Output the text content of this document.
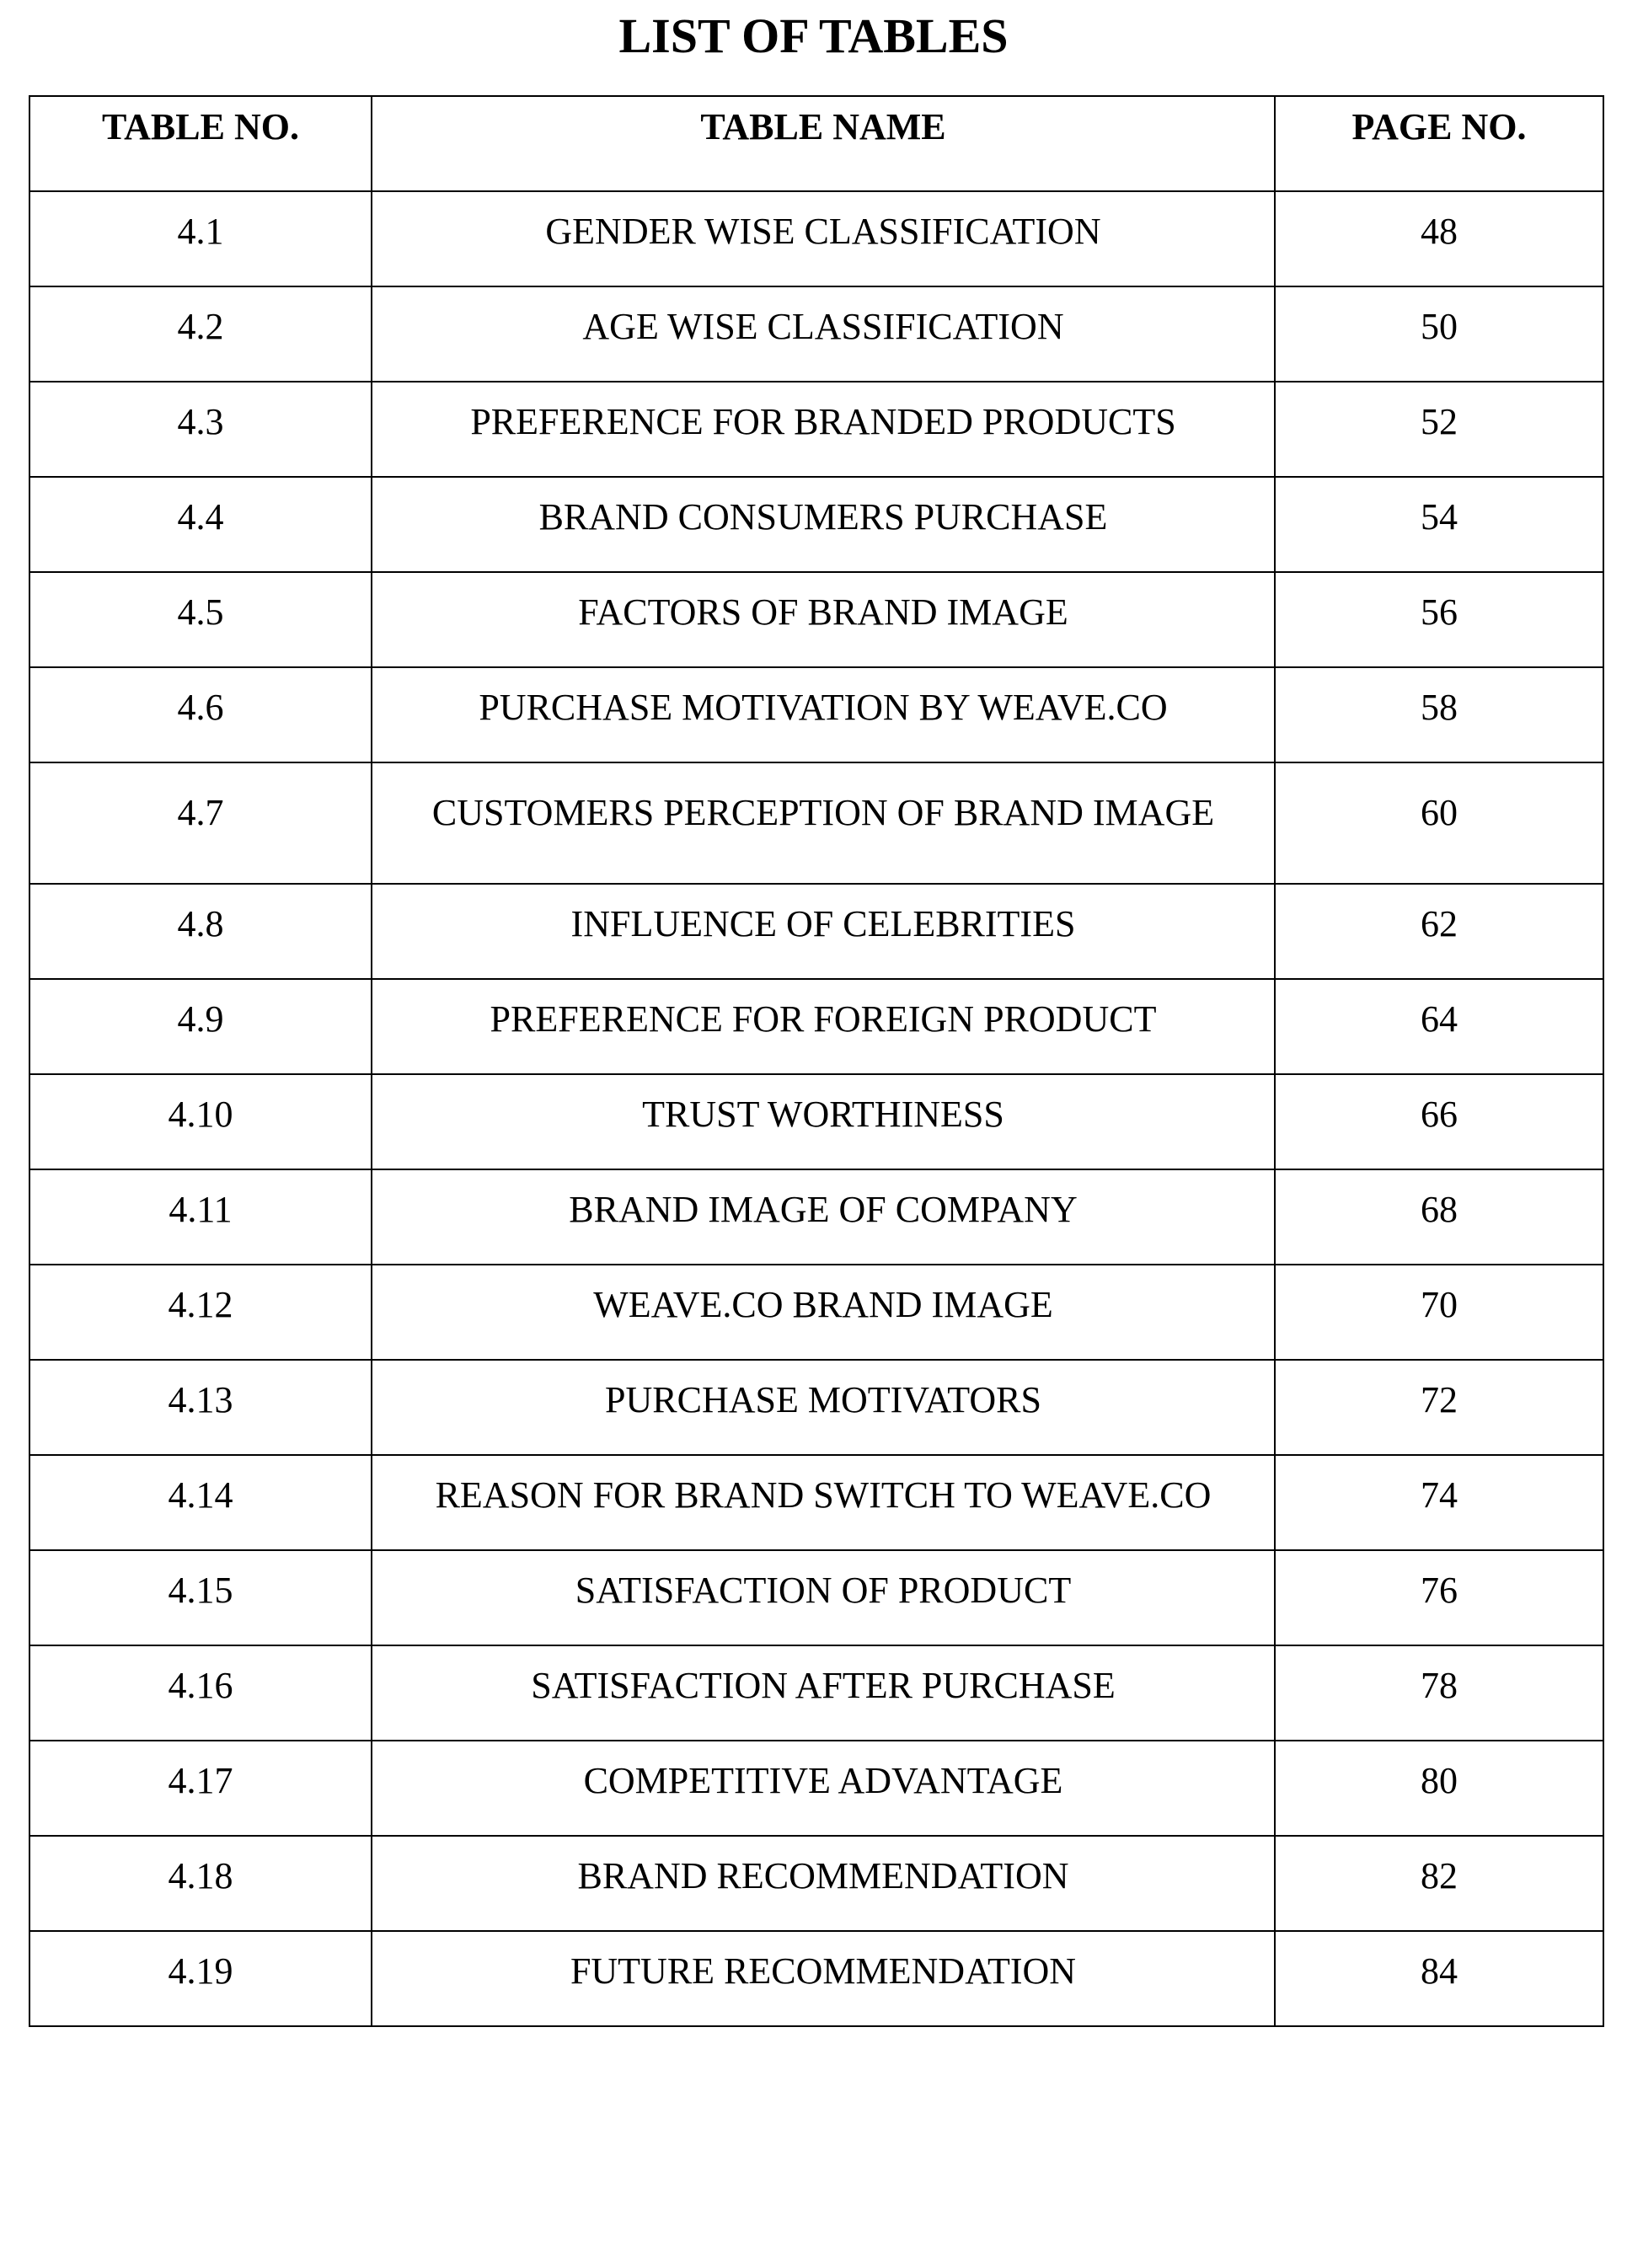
LIST OF TABLES
TABLE NO.	TABLE NAME	PAGE NO.
4.1	GENDER WISE CLASSIFICATION	48
4.2	AGE WISE CLASSIFICATION	50
4.3	PREFERENCE FOR BRANDED PRODUCTS	52
4.4	BRAND CONSUMERS PURCHASE	54
4.5	FACTORS OF BRAND IMAGE	56
4.6	PURCHASE MOTIVATION BY WEAVE.CO	58
4.7	CUSTOMERS PERCEPTION OF BRAND IMAGE	60
4.8	INFLUENCE OF CELEBRITIES	62
4.9	PREFERENCE FOR FOREIGN PRODUCT	64
4.10	TRUST WORTHINESS	66
4.11	BRAND IMAGE OF COMPANY	68
4.12	WEAVE.CO BRAND IMAGE	70
4.13	PURCHASE MOTIVATORS	72
4.14	REASON FOR BRAND SWITCH TO WEAVE.CO	74
4.15	SATISFACTION OF PRODUCT	76
4.16	SATISFACTION AFTER PURCHASE	78
4.17	COMPETITIVE ADVANTAGE	80
4.18	BRAND RECOMMENDATION	82
4.19	FUTURE RECOMMENDATION	84
